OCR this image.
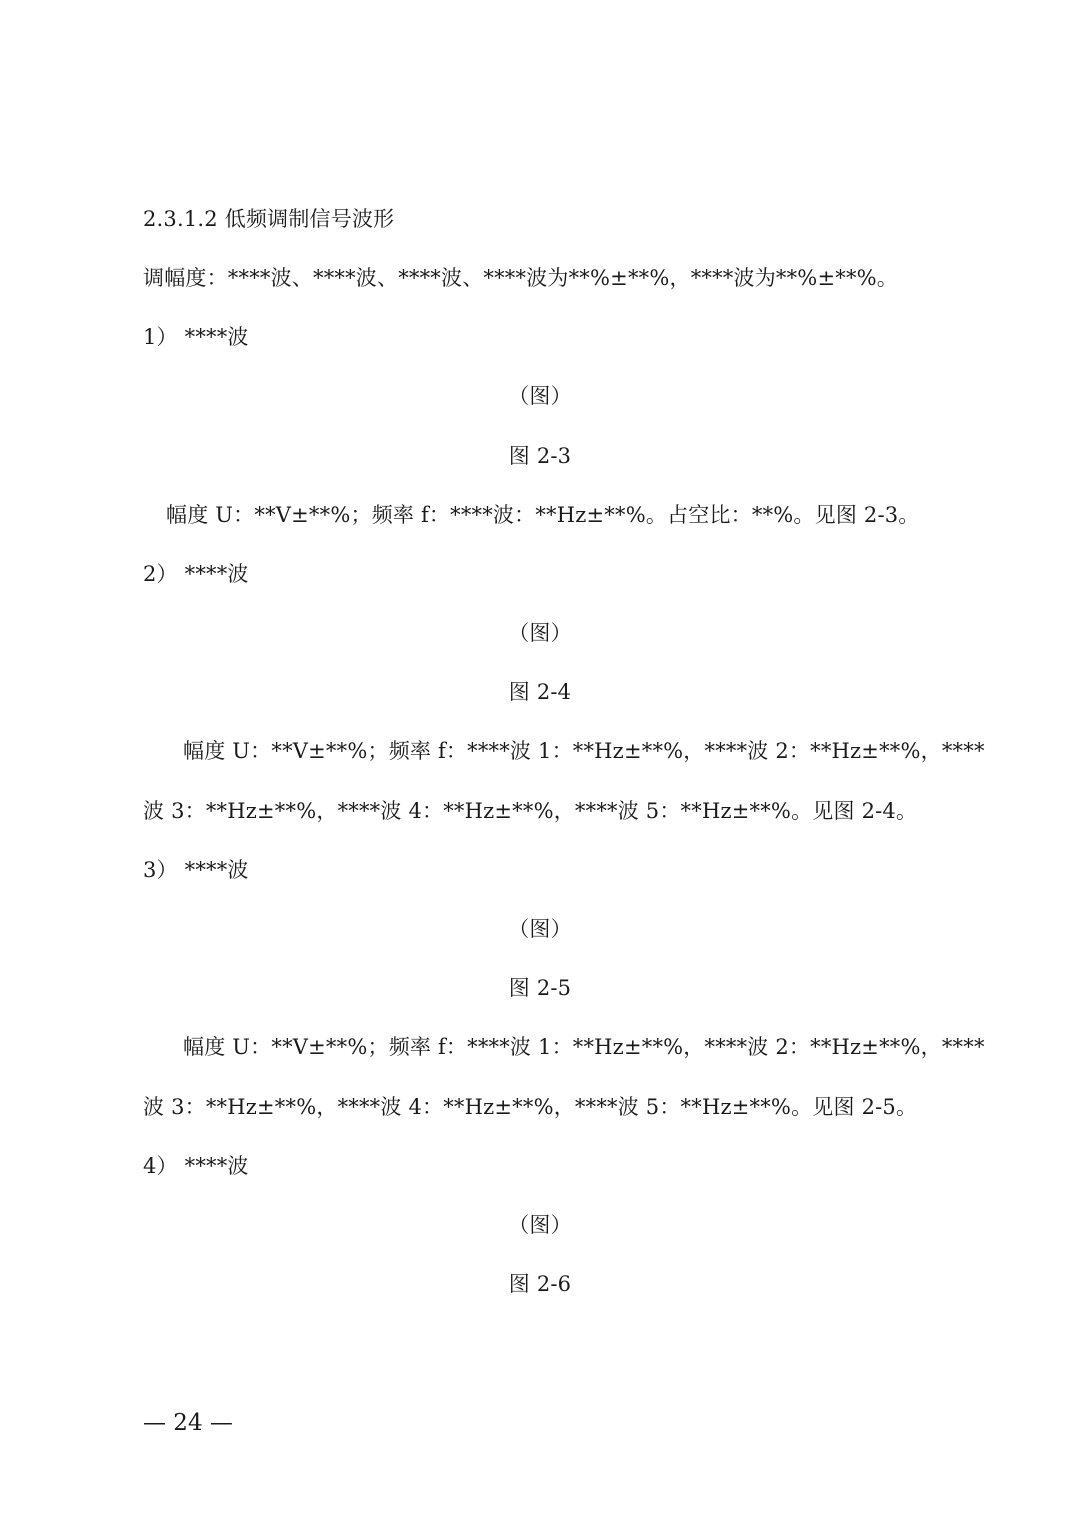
2.3.1.2 低频调制信号波形
调幅度：****波、****波、****波、****波为**%±**%，****波为**%±**%。
1） ****波
（图）
图 2-3
幅度 U：**V±**%；频率 f：****波：**Hz±**%。占空比：**%。见图 2-3。
2） ****波
（图）
图 2-4
幅度 U：**V±**%；频率 f：****波 1：**Hz±**%，****波 2：**Hz±**%，****
波 3：**Hz±**%，****波 4：**Hz±**%，****波 5：**Hz±**%。见图 2-4。
3） ****波
（图）
图 2-5
幅度 U：**V±**%；频率 f：****波 1：**Hz±**%，****波 2：**Hz±**%，****
波 3：**Hz±**%，****波 4：**Hz±**%，****波 5：**Hz±**%。见图 2-5。
4） ****波
（图）
图 2-6
— 24 —
